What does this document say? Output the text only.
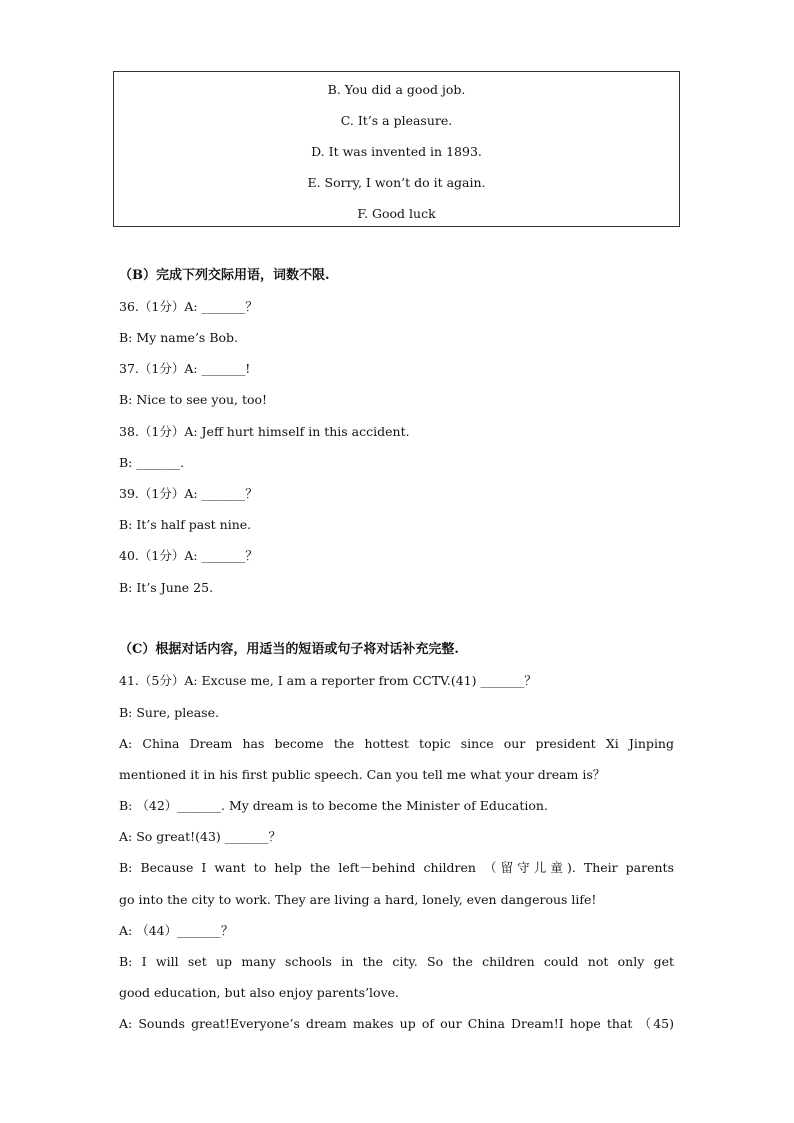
B. You did a good job.
C. It’s a pleasure.
D. It was invented in 1893.
E. Sorry, I won’t do it again.
F. Good luck
（B）完成下列交际用语，词数不限.
36.（1分）A: _______？
B: My name’s Bob.
37.（1分）A: _______!
B: Nice to see you, too!
38.（1分）A: Jeff hurt himself in this accident.
B: _______.
39.（1分）A: _______？
B: It’s half past nine.
40.（1分）A: _______？
B: It’s June 25.
（C）根据对话内容，用适当的短语或句子将对话补充完整.
41.（5分）A: Excuse me, I am a reporter from CCTV.(41) _______？
B: Sure, please.
A: China Dream has become the hottest topic since our president Xi Jinping
mentioned it in his first public speech. Can you tell me what your dream is？
B: （42）_______. My dream is to become the Minister of Education.
A: So great!(43) _______？
B: Because I want to help the left－behind children （留守儿童). Their parents
go into the city to work. They are living a hard, lonely, even dangerous life!
A: （44）_______？
B: I will set up many schools in the city. So the children could not only get
good education, but also enjoy parents’love.
A: Sounds great!Everyone’s dream makes up of our China Dream!I hope that （45)
